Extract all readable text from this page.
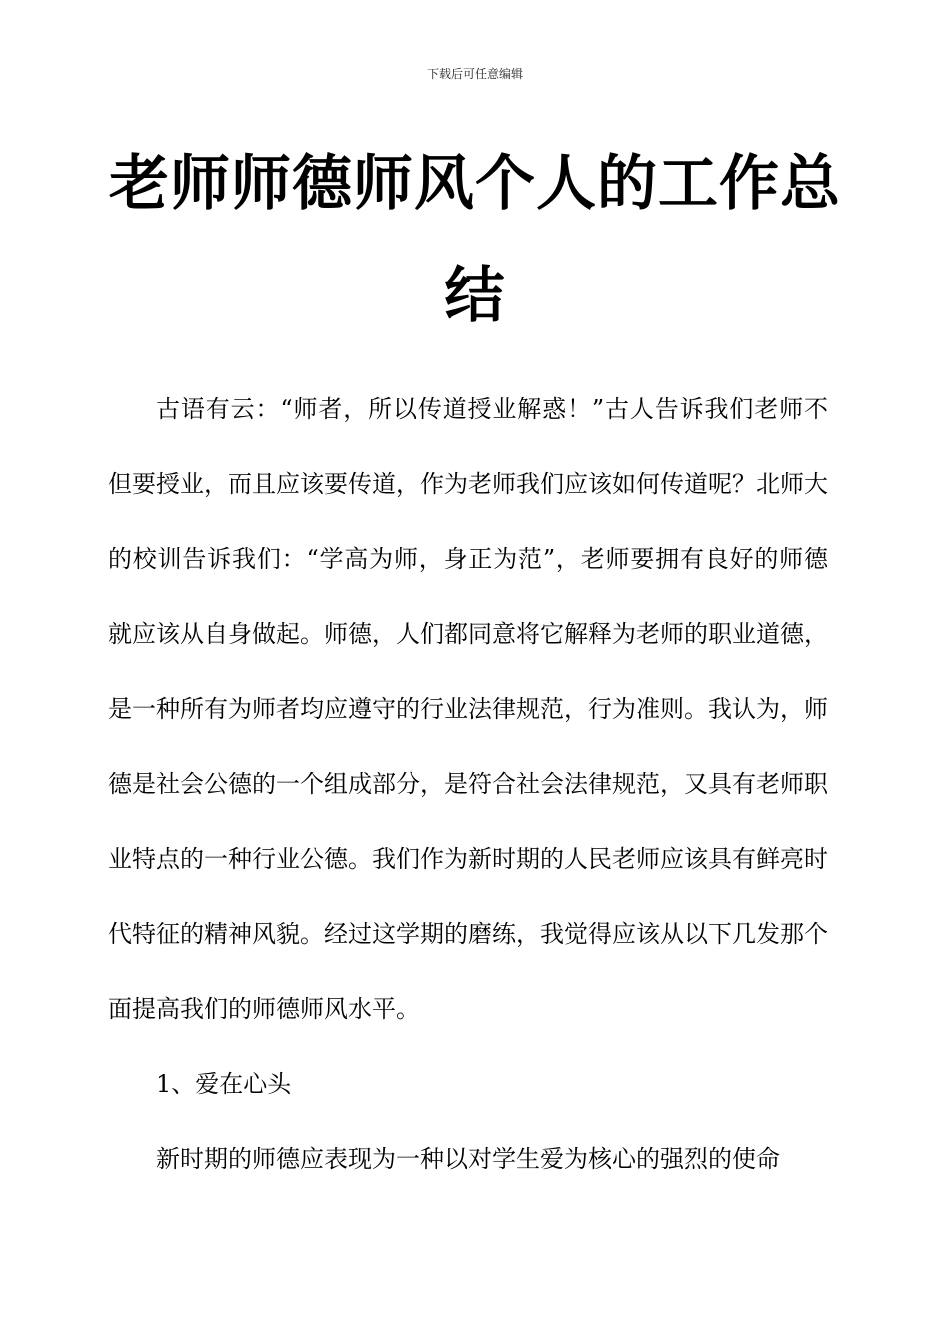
下载后可任意编辑
老师师德师风个人的工作总结

古语有云：“师者，所以传道授业解惑！”古人告诉我们老师不但要授业，而且应该要传道，作为老师我们应该如何传道呢？北师大的校训告诉我们：“学高为师，身正为范”，老师要拥有良好的师德就应该从自身做起。师德，人们都同意将它解释为老师的职业道德，是一种所有为师者均应遵守的行业法律规范，行为准则。我认为，师德是社会公德的一个组成部分，是符合社会法律规范，又具有老师职业特点的一种行业公德。我们作为新时期的人民老师应该具有鲜亮时代特征的精神风貌。经过这学期的磨练，我觉得应该从以下几发那个面提高我们的师德师风水平。

1、爱在心头

新时期的师德应表现为一种以对学生爱为核心的强烈的使命
